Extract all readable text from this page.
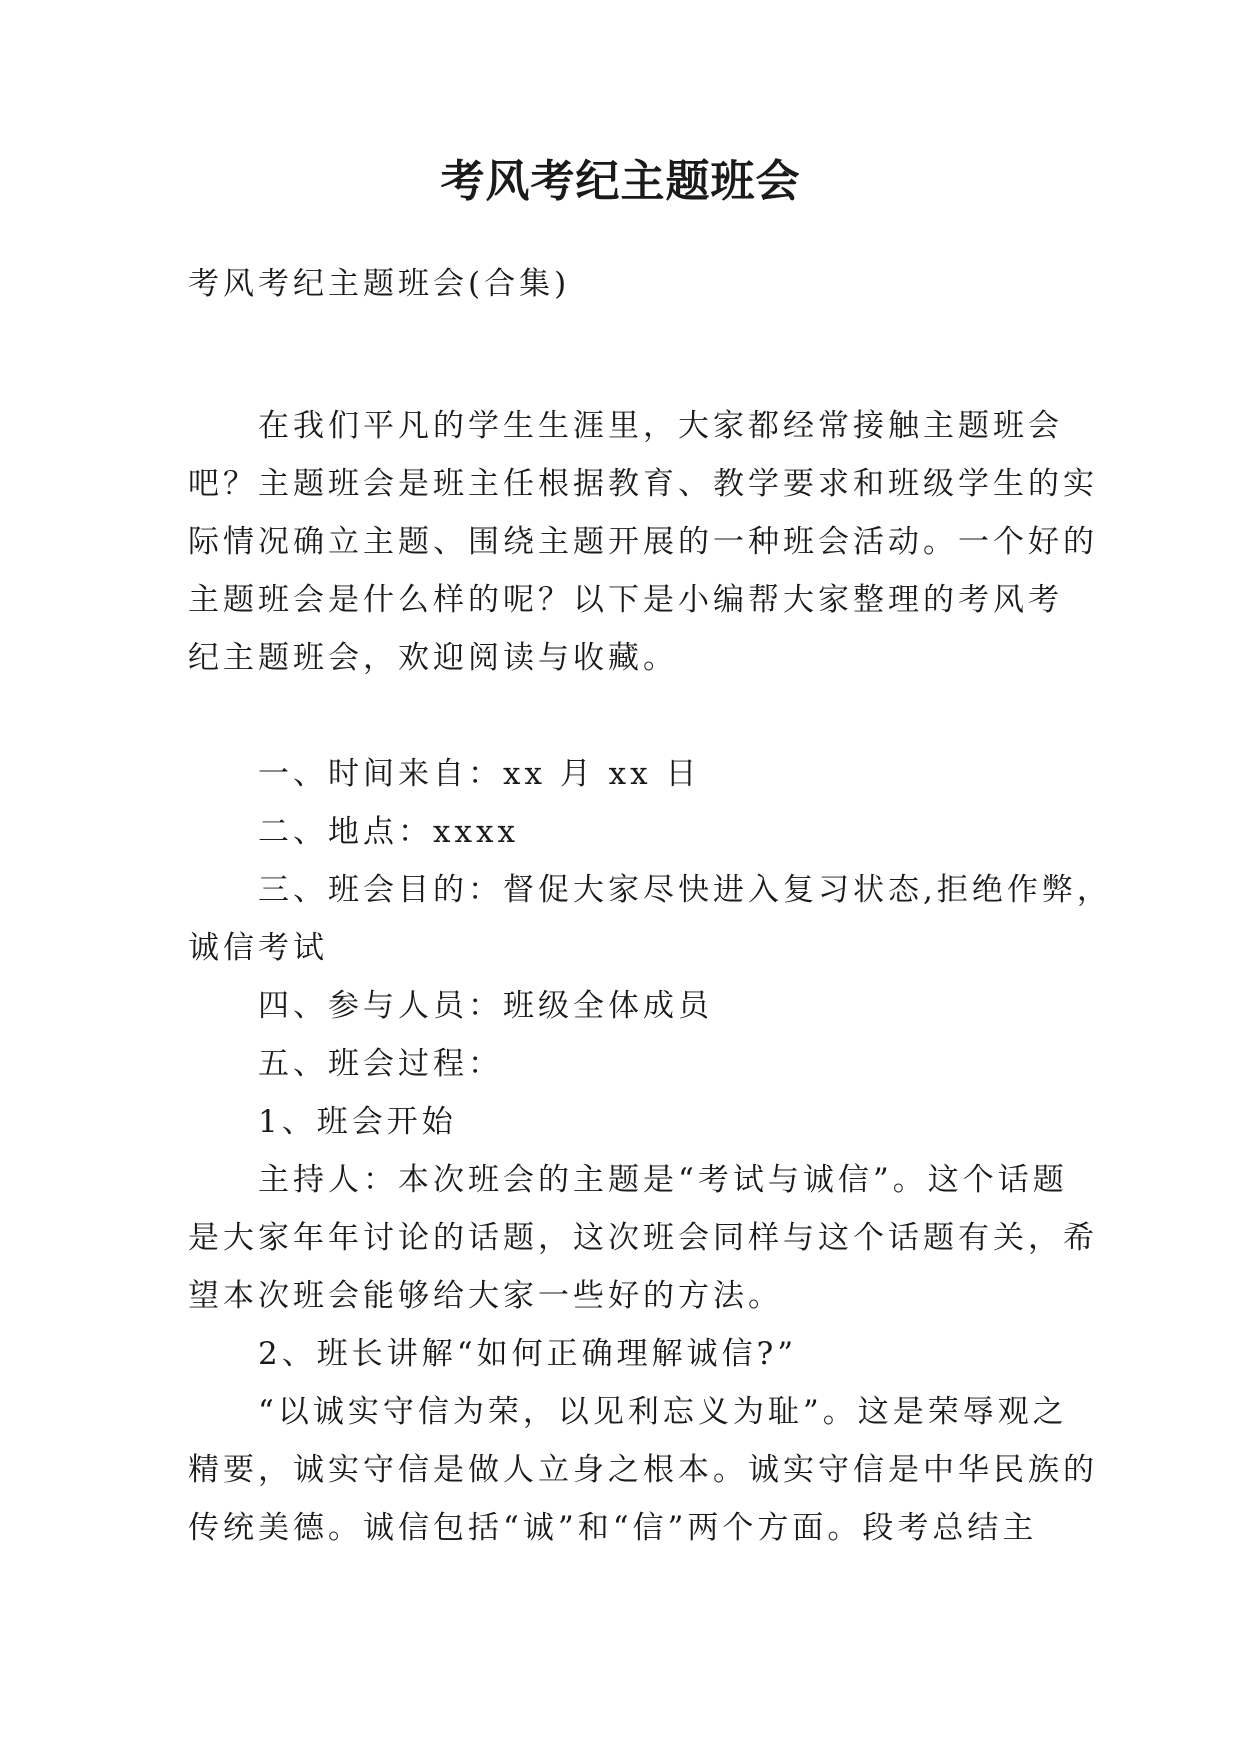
考风考纪主题班会
考风考纪主题班会(合集)
在我们平凡的学生生涯里，大家都经常接触主题班会
吧？主题班会是班主任根据教育、教学要求和班级学生的实
际情况确立主题、围绕主题开展的一种班会活动。一个好的
主题班会是什么样的呢？以下是小编帮大家整理的考风考
纪主题班会，欢迎阅读与收藏。
一、时间来自：xx 月 xx 日
二、地点：xxxx
三、班会目的：督促大家尽快进入复习状态,拒绝作弊，
诚信考试
四、参与人员：班级全体成员
五、班会过程：
1、班会开始
主持人：本次班会的主题是“考试与诚信”。这个话题
是大家年年讨论的话题，这次班会同样与这个话题有关，希
望本次班会能够给大家一些好的方法。
2、班长讲解“如何正确理解诚信?”
“以诚实守信为荣，以见利忘义为耻”。这是荣辱观之
精要，诚实守信是做人立身之根本。诚实守信是中华民族的
传统美德。诚信包括“诚”和“信”两个方面。段考总结主
